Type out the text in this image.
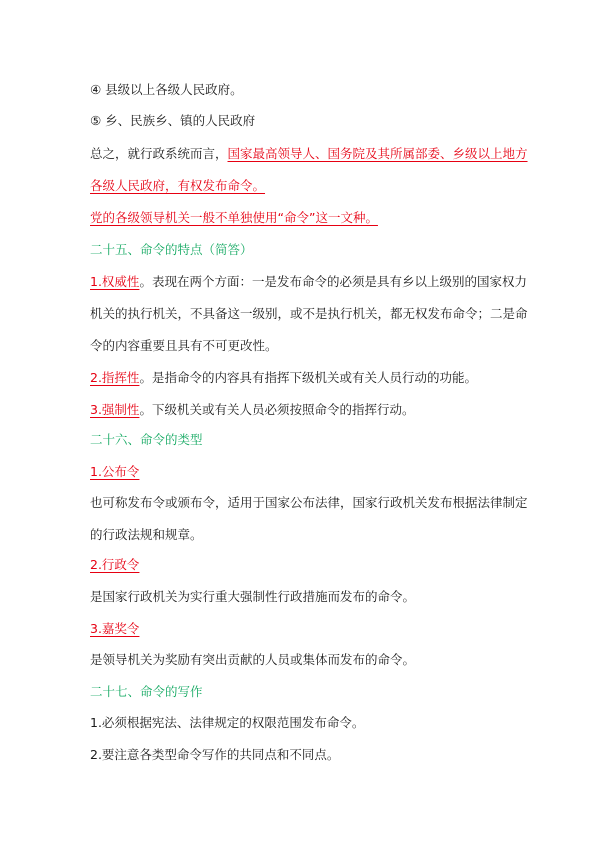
④ 县级以上各级人民政府。
⑤ 乡、民族乡、镇的人民政府
总之，就行政系统而言，国家最高领导人、国务院及其所属部委、乡级以上地方
各级人民政府，有权发布命令。
党的各级领导机关一般不单独使用“命令”这一文种。
二十五、命令的特点（简答）
1.权威性。表现在两个方面：一是发布命令的必须是具有乡以上级别的国家权力
机关的执行机关，不具备这一级别，或不是执行机关，都无权发布命令；二是命
令的内容重要且具有不可更改性。
2.指挥性。是指命令的内容具有指挥下级机关或有关人员行动的功能。
3.强制性。下级机关或有关人员必须按照命令的指挥行动。
二十六、命令的类型
1.公布令
也可称发布令或颁布令，适用于国家公布法律，国家行政机关发布根据法律制定
的行政法规和规章。
2.行政令
是国家行政机关为实行重大强制性行政措施而发布的命令。
3.嘉奖令
是领导机关为奖励有突出贡献的人员或集体而发布的命令。
二十七、命令的写作
1.必须根据宪法、法律规定的权限范围发布命令。
2.要注意各类型命令写作的共同点和不同点。
